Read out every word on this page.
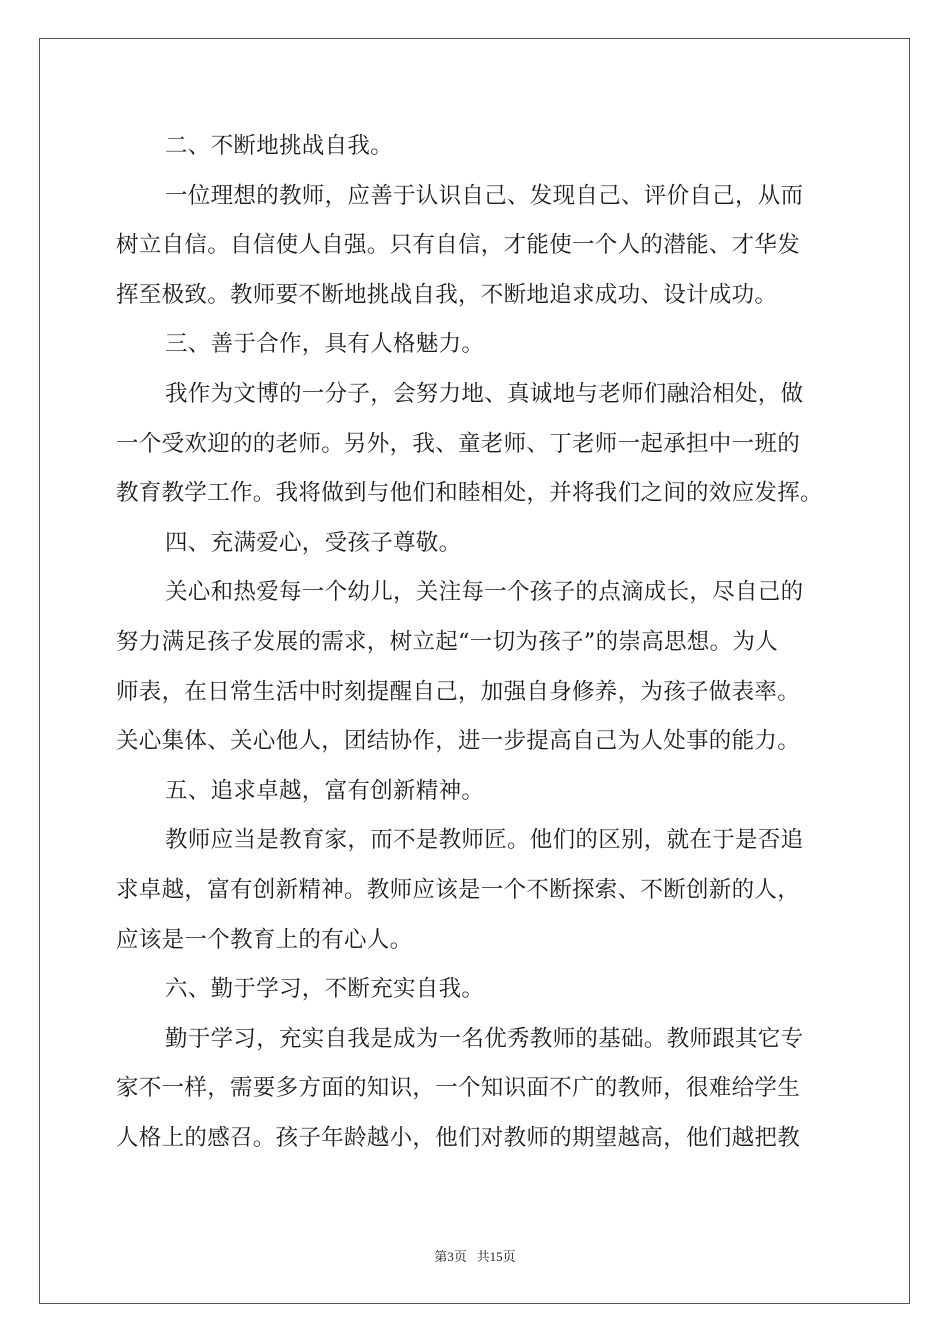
二、不断地挑战自我。
一位理想的教师，应善于认识自己、发现自己、评价自己，从而
树立自信。自信使人自强。只有自信，才能使一个人的潜能、才华发
挥至极致。教师要不断地挑战自我，不断地追求成功、设计成功。
三、善于合作，具有人格魅力。
我作为文博的一分子，会努力地、真诚地与老师们融洽相处，做
一个受欢迎的的老师。另外，我、童老师、丁老师一起承担中一班的
教育教学工作。我将做到与他们和睦相处，并将我们之间的效应发挥。
四、充满爱心，受孩子尊敬。
关心和热爱每一个幼儿，关注每一个孩子的点滴成长，尽自己的
努力满足孩子发展的需求，树立起“一切为孩子”的崇高思想。为人
师表，在日常生活中时刻提醒自己，加强自身修养，为孩子做表率。
关心集体、关心他人，团结协作，进一步提高自己为人处事的能力。
五、追求卓越，富有创新精神。
教师应当是教育家，而不是教师匠。他们的区别，就在于是否追
求卓越，富有创新精神。教师应该是一个不断探索、不断创新的人，
应该是一个教育上的有心人。
六、勤于学习，不断充实自我。
勤于学习，充实自我是成为一名优秀教师的基础。教师跟其它专
家不一样，需要多方面的知识，一个知识面不广的教师，很难给学生
人格上的感召。孩子年龄越小，他们对教师的期望越高，他们越把教
第3页   共15页
